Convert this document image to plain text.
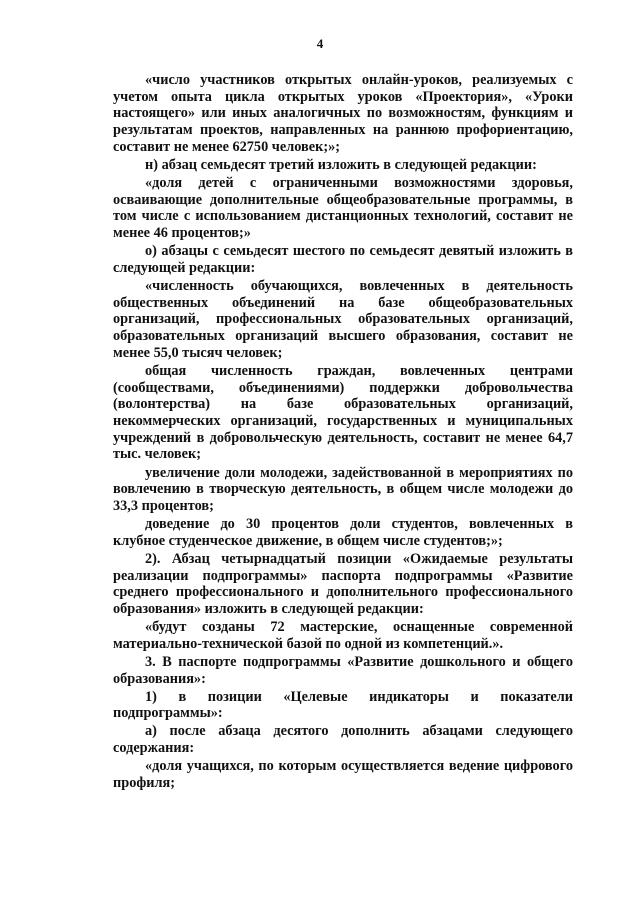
4

«число участников открытых онлайн-уроков, реализуемых с учетом опыта цикла открытых уроков «Проектория», «Уроки настоящего» или иных аналогичных по возможностям, функциям и результатам проектов, направленных на раннюю профориентацию, составит не менее 62750 человек;»;

н) абзац семьдесят третий изложить в следующей редакции:

«доля детей с ограниченными возможностями здоровья, осваивающие дополнительные общеобразовательные программы, в том числе с использованием дистанционных технологий, составит не менее 46 процентов;»

о) абзацы с семьдесят шестого по семьдесят девятый изложить в следующей редакции:

«численность обучающихся, вовлеченных в деятельность общественных объединений на базе общеобразовательных организаций, профессиональных образовательных организаций, образовательных организаций высшего образования, составит не менее 55,0 тысяч человек;

общая численность граждан, вовлеченных центрами (сообществами, объединениями) поддержки добровольчества (волонтерства) на базе образовательных организаций, некоммерческих организаций, государственных и муниципальных учреждений в добровольческую деятельность, составит не менее 64,7 тыс. человек;

увеличение доли молодежи, задействованной в мероприятиях по вовлечению в творческую деятельность, в общем числе молодежи до 33,3 процентов;

доведение до 30 процентов доли студентов, вовлеченных в клубное студенческое движение, в общем числе студентов;»;

2). Абзац четырнадцатый позиции «Ожидаемые результаты реализации подпрограммы» паспорта подпрограммы «Развитие среднего профессионального и дополнительного профессионального образования» изложить в следующей редакции:

«будут созданы 72 мастерские, оснащенные современной материально-технической базой по одной из компетенций.».

3. В паспорте подпрограммы «Развитие дошкольного и общего образования»:

1) в позиции «Целевые индикаторы и показатели подпрограммы»:

а) после абзаца десятого дополнить абзацами следующего содержания:

«доля учащихся, по которым осуществляется ведение цифрового профиля;
